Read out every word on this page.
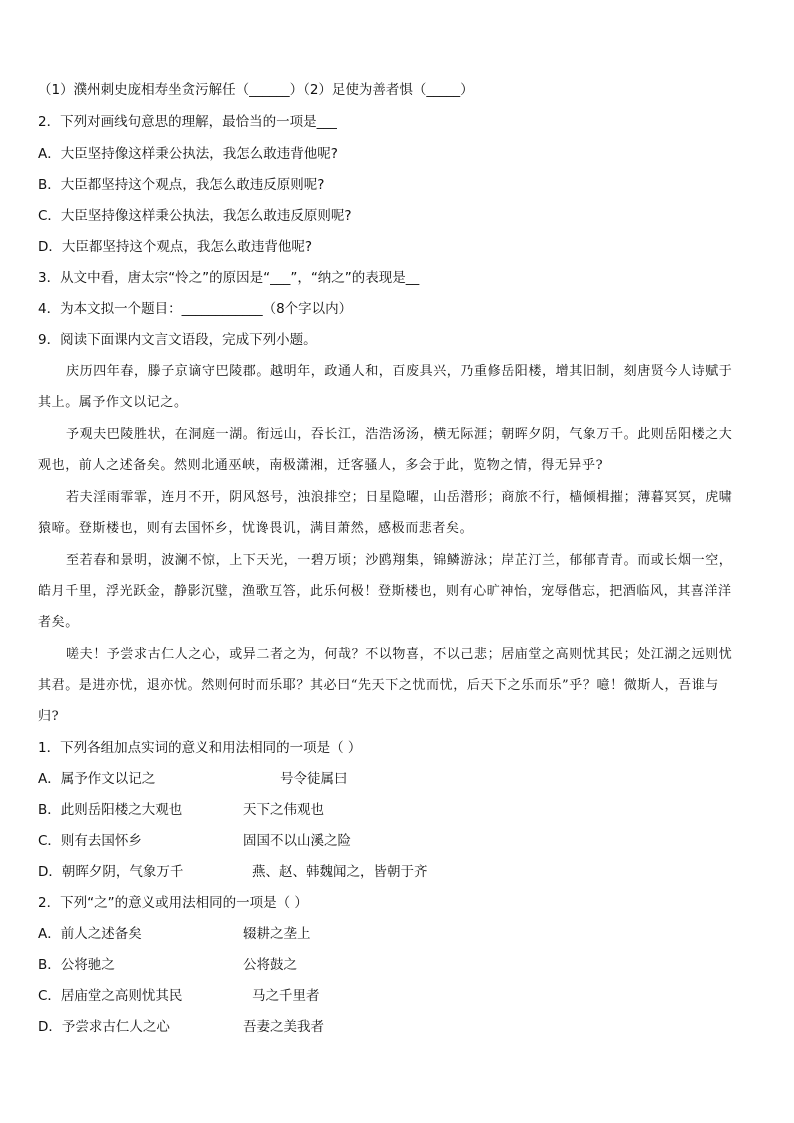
（1）濮州刺史庞相寿坐贪污解任（______）（2）足使为善者惧（_____）
2．下列对画线句意思的理解，最恰当的一项是___
A．大臣坚持像这样秉公执法，我怎么敢违背他呢?
B．大臣都坚持这个观点，我怎么敢违反原则呢?
C．大臣坚持像这样秉公执法，我怎么敢违反原则呢?
D．大臣都坚持这个观点，我怎么敢违背他呢?
3．从文中看，唐太宗“怜之”的原因是“___”，“纳之”的表现是__
4．为本文拟一个题目：____________（8个字以内）
9．阅读下面课内文言文语段，完成下列小题。
庆历四年春，滕子京谪守巴陵郡。越明年，政通人和，百废具兴，乃重修岳阳楼，增其旧制，刻唐贤今人诗赋于
其上。属予作文以记之。
予观夫巴陵胜状，在洞庭一湖。衔远山，吞长江，浩浩汤汤，横无际涯；朝晖夕阴，气象万千。此则岳阳楼之大
观也，前人之述备矣。然则北通巫峡，南极潇湘，迁客骚人，多会于此，览物之情，得无异乎?
若夫淫雨霏霏，连月不开，阴风怒号，浊浪排空；日星隐曜，山岳潜形；商旅不行，樯倾楫摧；薄暮冥冥，虎啸
猿啼。登斯楼也，则有去国怀乡，忧谗畏讥，满目萧然，感极而悲者矣。
至若春和景明，波澜不惊，上下天光，一碧万顷；沙鸥翔集，锦鳞游泳；岸芷汀兰，郁郁青青。而或长烟一空，
皓月千里，浮光跃金，静影沉璧，渔歌互答，此乐何极！登斯楼也，则有心旷神怡，宠辱偕忘，把酒临风，其喜洋洋
者矣。
嗟夫！予尝求古仁人之心，或异二者之为，何哉？不以物喜，不以己悲；居庙堂之高则忧其民；处江湖之远则忧
其君。是进亦忧，退亦忧。然则何时而乐耶？其必曰“先天下之忧而忧，后天下之乐而乐”乎？噫！微斯人，吾谁与
归?
1．下列各组加点实词的意义和用法相同的一项是（ ）
A．属予作文以记之	号令徒属曰
B．此则岳阳楼之大观也	天下之伟观也
C．则有去国怀乡	固国不以山溪之险
D．朝晖夕阴，气象万千	燕、赵、韩魏闻之，皆朝于齐
2．下列“之”的意义或用法相同的一项是（ ）
A．前人之述备矣	辍耕之垄上
B．公将驰之	公将鼓之
C．居庙堂之高则忧其民	马之千里者
D．予尝求古仁人之心	吾妻之美我者
